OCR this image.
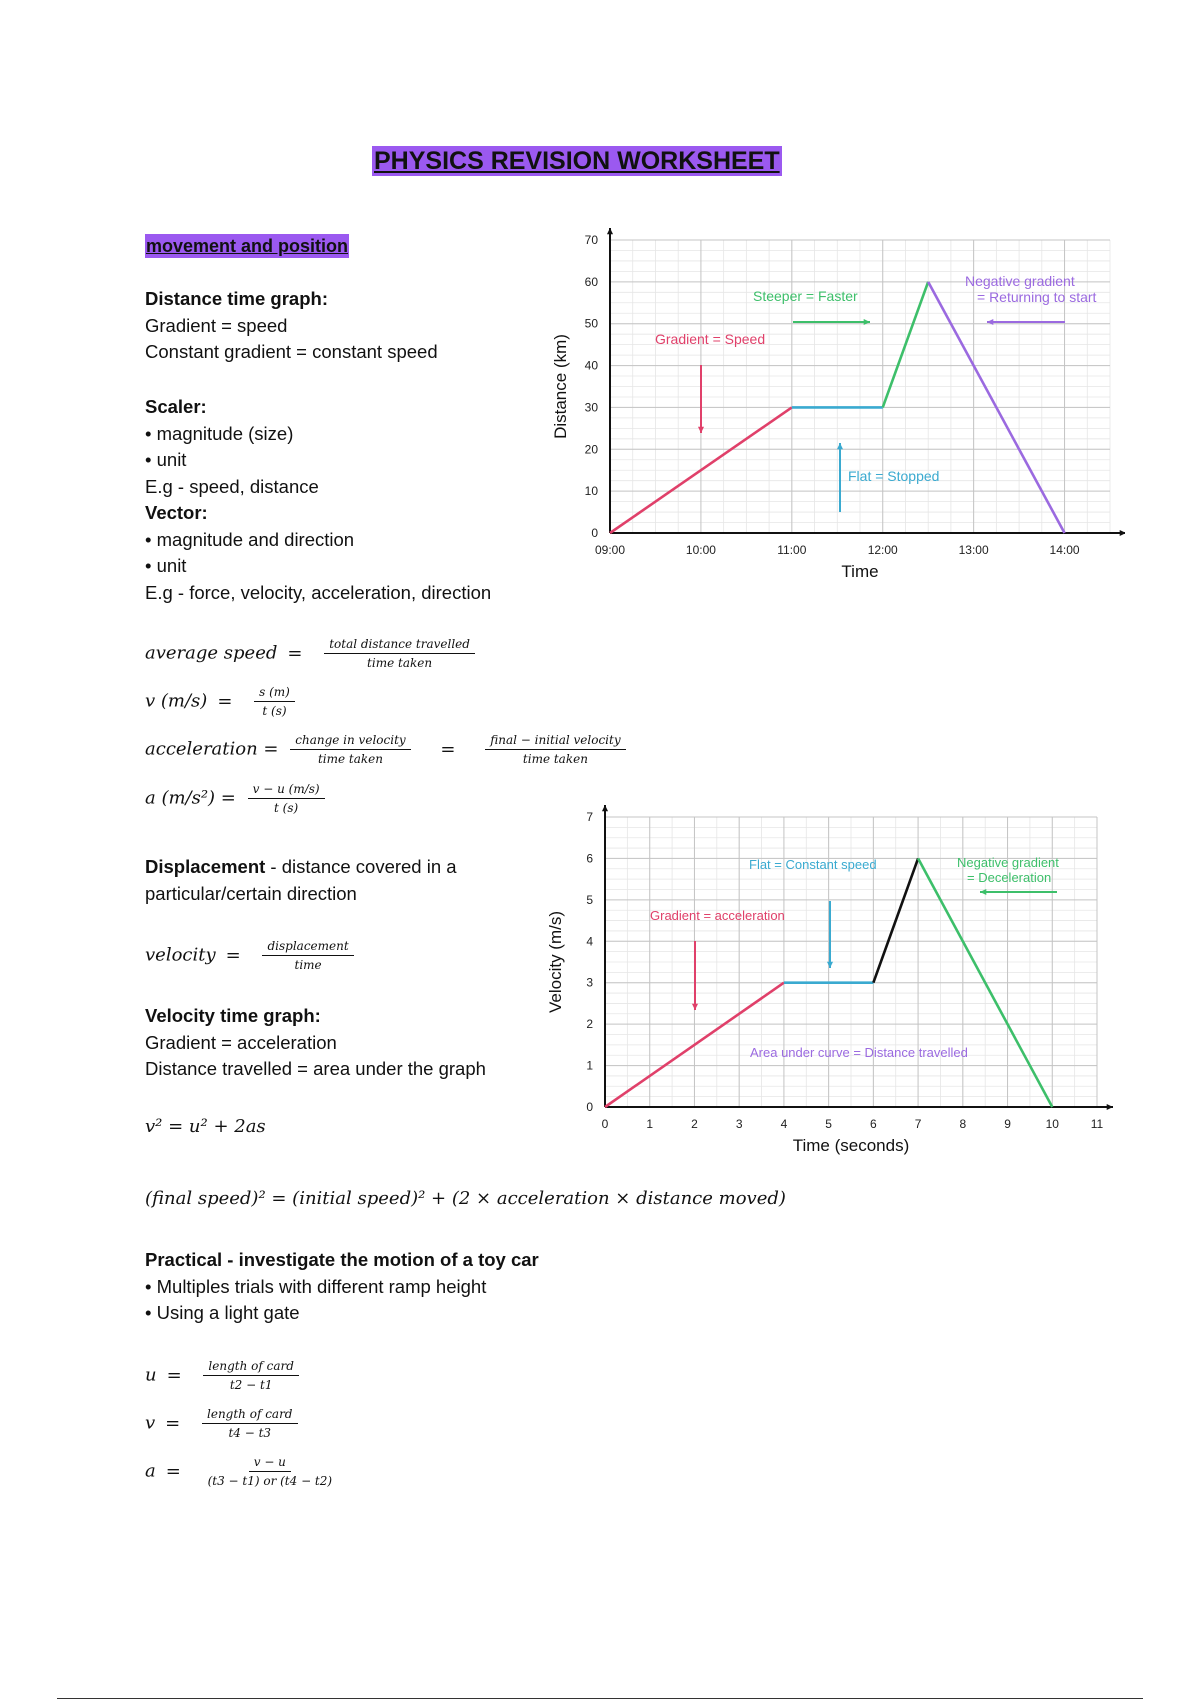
PHYSICS REVISION WORKSHEET
movement and position
Distance time graph:
Gradient = speed
Constant gradient = constant speed
Scaler:
• magnitude (size)
• unit
E.g - speed, distance
Vector:
• magnitude and direction
• unit
E.g - force, velocity, acceleration, direction
average speed = $\frac{\text{total distance travelled}}{\text{time taken}}$
v $(m/s) = \frac{s (m)}{t (s)}$
acceleration = $\frac{\text{change in velocity}}{\text{time taken}} = \frac{\text{final − initial velocity}}{\text{time taken}}$
a $(m/s^2) = \frac{v - u (m/s)}{t (s)}$
Displacement - distance covered in a
particular/certain direction
velocity = $\frac{\text{displacement}}{\text{time}}$
Velocity time graph:
Gradient = acceleration
Distance travelled = area under the graph
v² = u² + 2as
(final speed)² = (initial speed)² + (2 × acceleration × distance moved)
Practical - investigate the motion of a toy car
• Multiples trials with different ramp height
• Using a light gate
$u = \frac{\text{length of card}}{t2 - t1}$
$v = \frac{\text{length of card}}{t4 - t3}$
$a = \frac{v - u}{(t3 - t1) or (t4 - t2)}$
0
10
20
30
40
50
60
70
09:00	10:00	11:00	12:00	13:00	14:00
Time
Distance (km)	Gradient = Speed
Steeper = Faster
Flat = Stopped
Negative gradient
= Returning to start
0
1
2
3
4
5
6
7
0	1	2	3	4	5	6	7	8	9	10	11
Time (seconds)
Velocity (m/s)
Flat = Constant speed
Gradient = acceleration
Negative gradient
= Deceleration
Area under curve = Distance travelled
